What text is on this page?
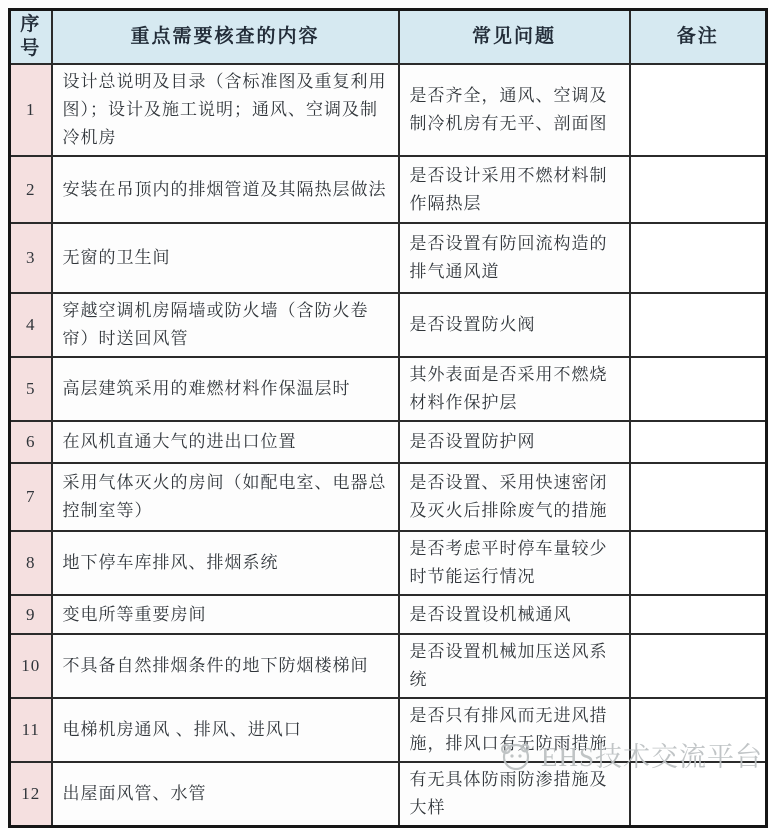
序号	重点需要核查的内容	常见问题	备注
1	设计总说明及目录（含标准图及重复利用图）；设计及施工说明；通风、空调及制冷机房	是否齐全，通风、空调及制冷机房有无平、剖面图	
2	安装在吊顶内的排烟管道及其隔热层做法	是否设计采用不燃材料制作隔热层	
3	无窗的卫生间	是否设置有防回流构造的排气通风道	
4	穿越空调机房隔墙或防火墙（含防火卷帘）时送回风管	是否设置防火阀	
5	高层建筑采用的难燃材料作保温层时	其外表面是否采用不燃烧材料作保护层	
6	在风机直通大气的进出口位置	是否设置防护网	
7	采用气体灭火的房间（如配电室、电器总控制室等）	是否设置、采用快速密闭及灭火后排除废气的措施	
8	地下停车库排风、排烟系统	是否考虑平时停车量较少时节能运行情况	
9	变电所等重要房间	是否设置设机械通风	
10	不具备自然排烟条件的地下防烟楼梯间	是否设置机械加压送风系统	
11	电梯机房通风 、排风、进风口	是否只有排风而无进风措施，排风口有无防雨措施	
12	出屋面风管、水管	有无具体防雨防渗措施及大样	
EHS技术交流平台
